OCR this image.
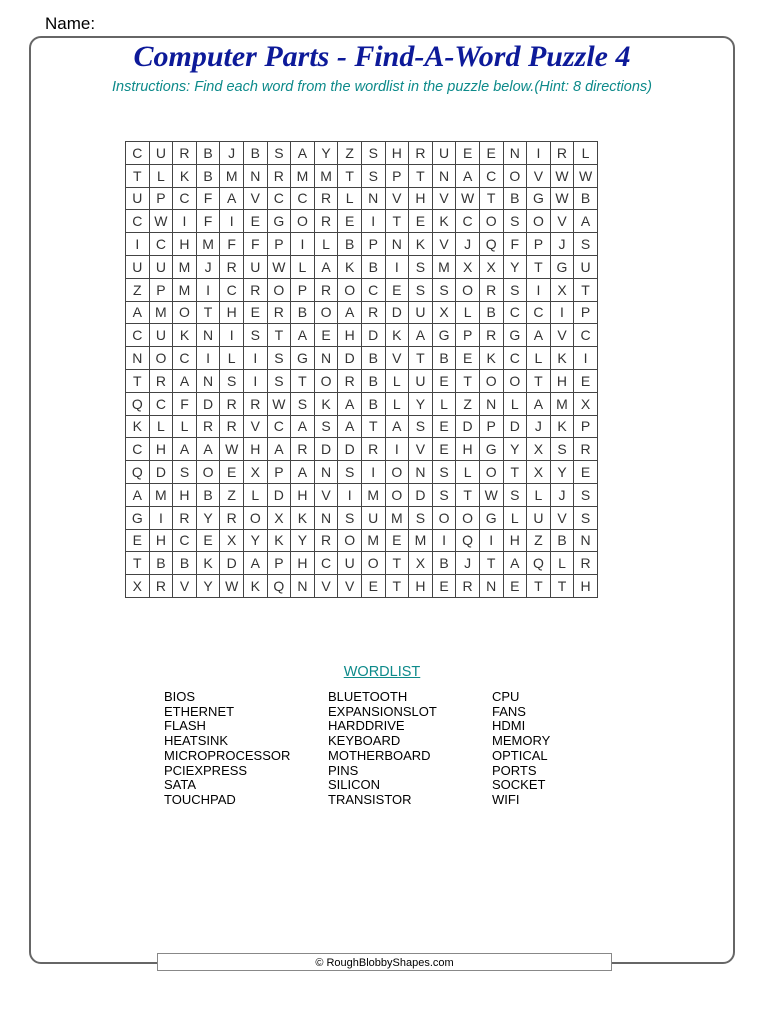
Name:
Computer Parts - Find-A-Word Puzzle 4
Instructions: Find each word from the wordlist in the puzzle below.(Hint: 8 directions)
C	U	R	B	J	B	S	A	Y	Z	S	H	R	U	E	E	N	I	R	L
T	L	K	B	M	N	R	M	M	T	S	P	T	N	A	C	O	V	W	W
U	P	C	F	A	V	C	C	R	L	N	V	H	V	W	T	B	G	W	B
C	W	I	F	I	E	G	O	R	E	I	T	E	K	C	O	S	O	V	A
I	C	H	M	F	F	P	I	L	B	P	N	K	V	J	Q	F	P	J	S
U	U	M	J	R	U	W	L	A	K	B	I	S	M	X	X	Y	T	G	U
Z	P	M	I	C	R	O	P	R	O	C	E	S	S	O	R	S	I	X	T
A	M	O	T	H	E	R	B	O	A	R	D	U	X	L	B	C	C	I	P
C	U	K	N	I	S	T	A	E	H	D	K	A	G	P	R	G	A	V	C
N	O	C	I	L	I	S	G	N	D	B	V	T	B	E	K	C	L	K	I
T	R	A	N	S	I	S	T	O	R	B	L	U	E	T	O	O	T	H	E
Q	C	F	D	R	R	W	S	K	A	B	L	Y	L	Z	N	L	A	M	X
K	L	L	R	R	V	C	A	S	A	T	A	S	E	D	P	D	J	K	P
C	H	A	A	W	H	A	R	D	D	R	I	V	E	H	G	Y	X	S	R
Q	D	S	O	E	X	P	A	N	S	I	O	N	S	L	O	T	X	Y	E
A	M	H	B	Z	L	D	H	V	I	M	O	D	S	T	W	S	L	J	S
G	I	R	Y	R	O	X	K	N	S	U	M	S	O	O	G	L	U	V	S
E	H	C	E	X	Y	K	Y	R	O	M	E	M	I	Q	I	H	Z	B	N
T	B	B	K	D	A	P	H	C	U	O	T	X	B	J	T	A	Q	L	R
X	R	V	Y	W	K	Q	N	V	V	E	T	H	E	R	N	E	T	T	H
WORDLIST
BIOS
ETHERNET
FLASH
HEATSINK
MICROPROCESSOR
PCIEXPRESS
SATA
TOUCHPAD
BLUETOOTH
EXPANSIONSLOT
HARDDRIVE
KEYBOARD
MOTHERBOARD
PINS
SILICON
TRANSISTOR
CPU
FANS
HDMI
MEMORY
OPTICAL
PORTS
SOCKET
WIFI
© RoughBlobbyShapes.com
